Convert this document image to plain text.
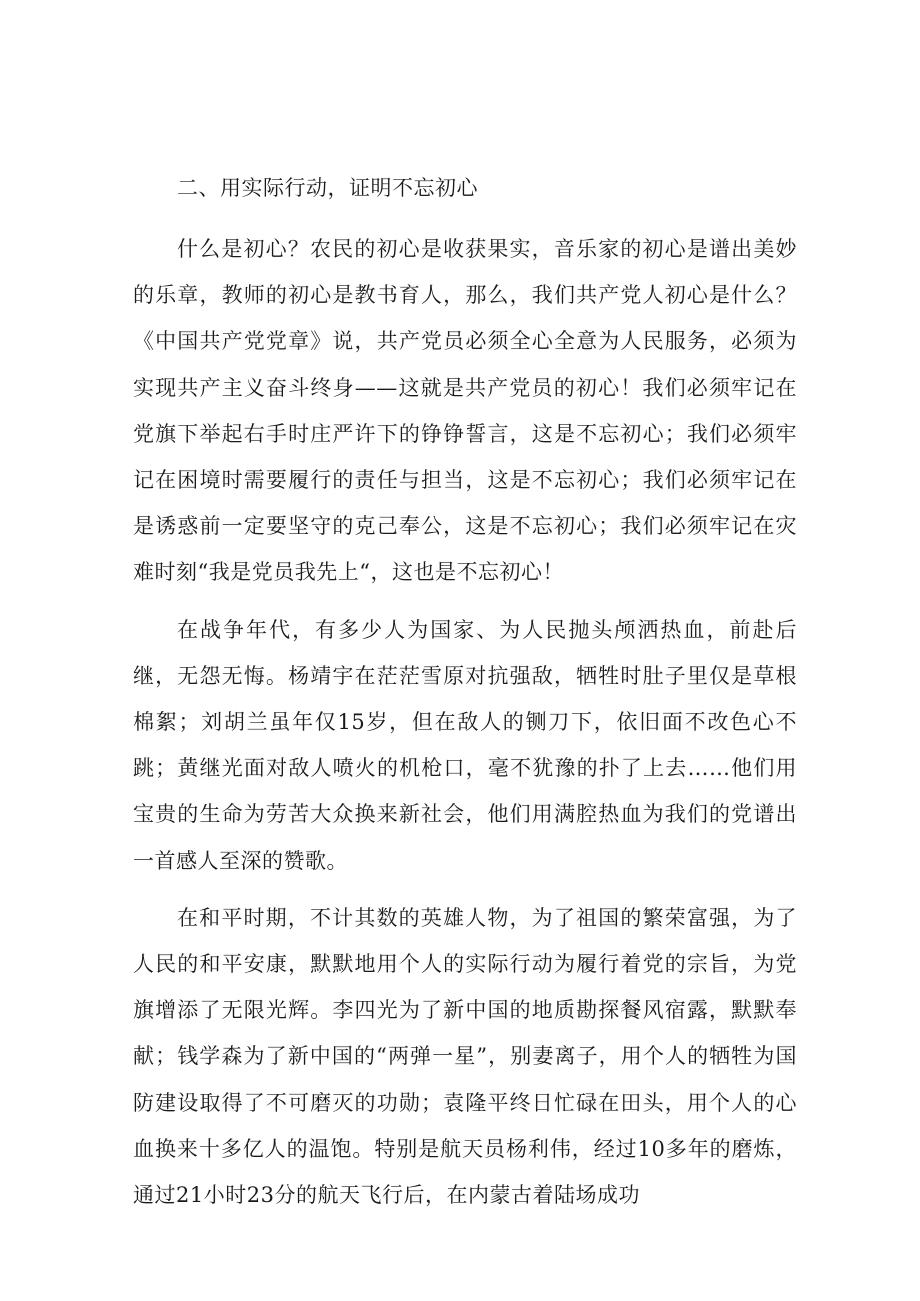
二、用实际行动，证明不忘初心

什么是初心？农民的初心是收获果实，音乐家的初心是谱出美妙的乐章，教师的初心是教书育人，那么，我们共产党人初心是什么？《中国共产党党章》说，共产党员必须全心全意为人民服务，必须为实现共产主义奋斗终身——这就是共产党员的初心！我们必须牢记在党旗下举起右手时庄严许下的铮铮誓言，这是不忘初心；我们必须牢记在困境时需要履行的责任与担当，这是不忘初心；我们必须牢记在是诱惑前一定要坚守的克己奉公，这是不忘初心；我们必须牢记在灾难时刻“我是党员我先上“，这也是不忘初心！

在战争年代，有多少人为国家、为人民抛头颅洒热血，前赴后继，无怨无悔。杨靖宇在茫茫雪原对抗强敌，牺牲时肚子里仅是草根棉絮；刘胡兰虽年仅15岁，但在敌人的铡刀下，依旧面不改色心不跳；黄继光面对敌人喷火的机枪口，毫不犹豫的扑了上去……他们用宝贵的生命为劳苦大众换来新社会，他们用满腔热血为我们的党谱出一首感人至深的赞歌。

在和平时期，不计其数的英雄人物，为了祖国的繁荣富强，为了人民的和平安康，默默地用个人的实际行动为履行着党的宗旨，为党旗增添了无限光辉。李四光为了新中国的地质勘探餐风宿露，默默奉献；钱学森为了新中国的“两弹一星”，别妻离子，用个人的牺牲为国防建设取得了不可磨灭的功勋；袁隆平终日忙碌在田头，用个人的心血换来十多亿人的温饱。特别是航天员杨利伟，经过10多年的磨炼，通过21小时23分的航天飞行后，在内蒙古着陆场成功
